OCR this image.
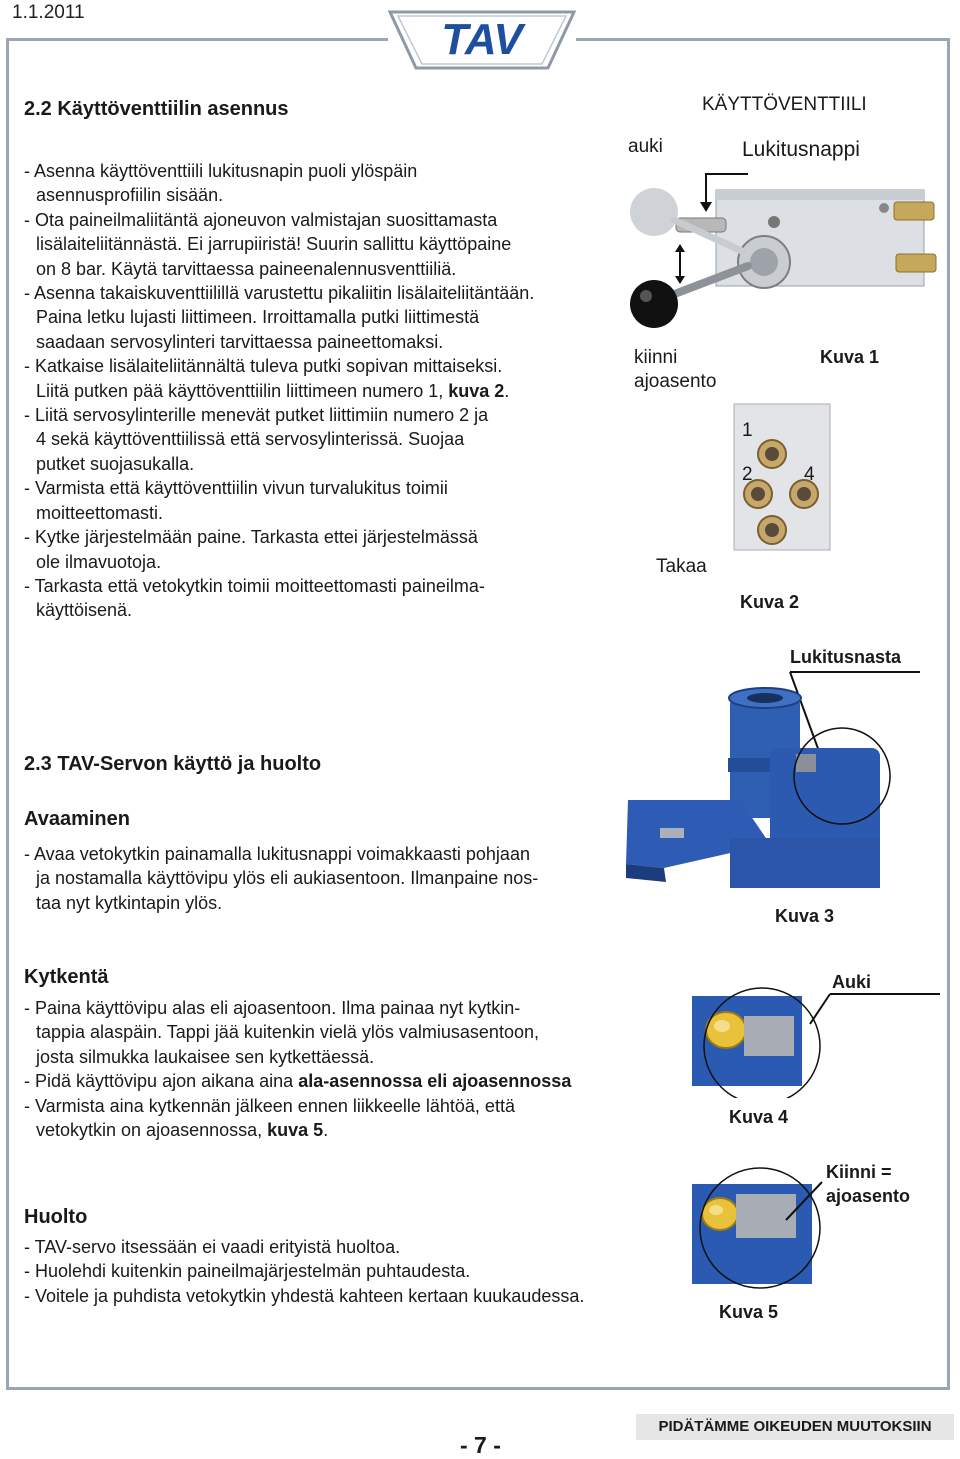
1.1.2011
TAV
2.2 Käyttöventtiilin asennus
- Asenna käyttöventtiili lukitusnapin puoli ylöspäin
asennusprofiilin sisään.
- Ota paineilmaliitäntä ajoneuvon valmistajan suosittamasta
lisälaiteliitännästä. Ei jarrupiiristä! Suurin sallittu käyttöpaine
on 8 bar. Käytä tarvittaessa paineenalennusventtiiliä.
- Asenna takaiskuventtiilillä varustettu pikaliitin lisälaiteliitäntään.
Paina letku lujasti liittimeen. Irroittamalla putki liittimestä
saadaan servosylinteri tarvittaessa paineettomaksi.
- Katkaise lisälaiteliitännältä tuleva putki sopivan mittaiseksi.
Liitä putken pää käyttöventtiilin liittimeen numero 1, kuva 2.
- Liitä servosylinterille menevät putket liittimiin numero 2 ja
4 sekä käyttöventtiilissä että servosylinterissä. Suojaa
putket suojasukalla.
- Varmista että käyttöventtiilin vivun turvalukitus toimii
moitteettomasti.
- Kytke järjestelmään paine. Tarkasta ettei järjestelmässä
ole ilmavuotoja.
- Tarkasta että vetokytkin toimii moitteettomasti paineilma-
käyttöisenä.
KÄYTTÖVENTTIILI
auki	Lukitusnappi
kiinni
ajoasento
Kuva 1
1
2	4
Takaa
Kuva 2
2.3 TAV-Servon käyttö ja huolto
Avaaminen
- Avaa vetokytkin painamalla lukitusnappi voimakkaasti pohjaan
ja nostamalla käyttövipu ylös eli aukiasentoon. Ilmanpaine nos-
taa nyt kytkintapin ylös.
Lukitusnasta
Kuva 3
Kytkentä
- Paina käyttövipu alas eli ajoasentoon. Ilma painaa nyt kytkin-
tappia alaspäin. Tappi jää kuitenkin vielä ylös valmiusasentoon,
josta silmukka laukaisee sen kytkettäessä.
- Pidä käyttövipu ajon aikana aina ala-asennossa eli ajoasennossa
- Varmista aina kytkennän jälkeen ennen liikkeelle lähtöä, että
vetokytkin on ajoasennossa, kuva 5.
Auki
Kuva 4
Kiinni =
ajoasento
Kuva 5
Huolto
- TAV-servo itsessään ei vaadi erityistä huoltoa.
- Huolehdi kuitenkin paineilmajärjestelmän puhtaudesta.
- Voitele ja puhdista vetokytkin yhdestä kahteen kertaan kuukaudessa.
PIDÄTÄMME OIKEUDEN MUUTOKSIIN
- 7 -
